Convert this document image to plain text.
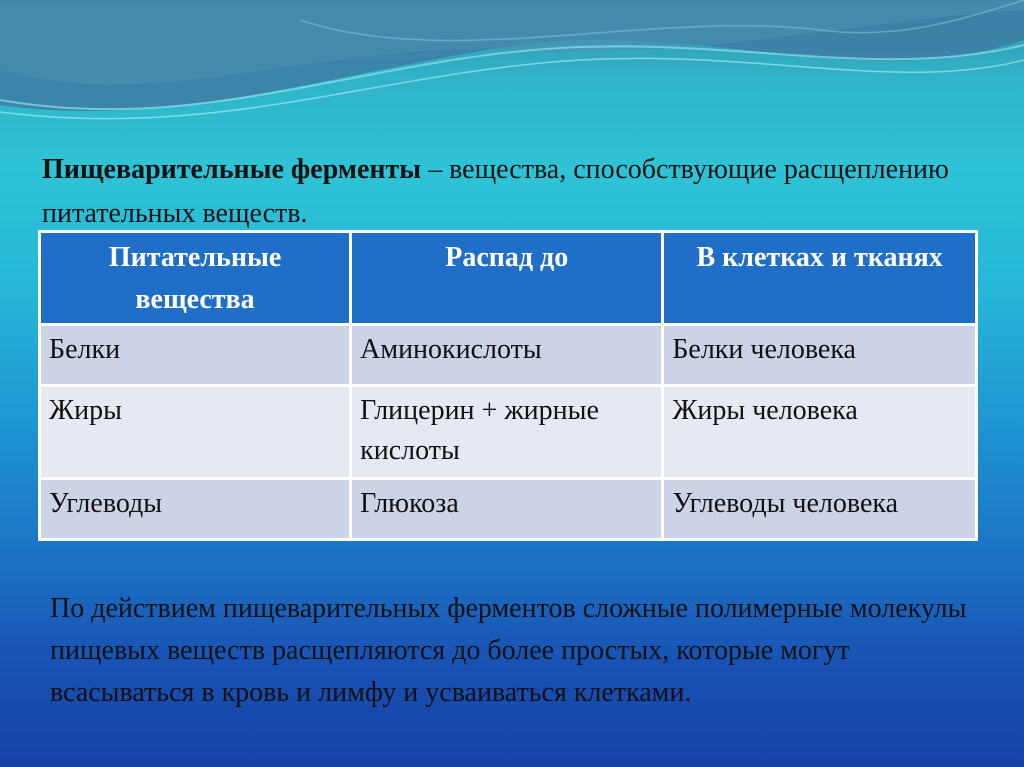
Пищеварительные ферменты – вещества, способствующие расщеплению питательных веществ.

Питательные вещества	Распад до	В клетках и тканях
Белки	Аминокислоты	Белки человека
Жиры	Глицерин + жирные кислоты	Жиры человека
Углеводы	Глюкоза	Углеводы человека

По действием пищеварительных ферментов сложные полимерные молекулы пищевых веществ расщепляются до более простых, которые могут всасываться в кровь и лимфу и усваиваться клетками.
